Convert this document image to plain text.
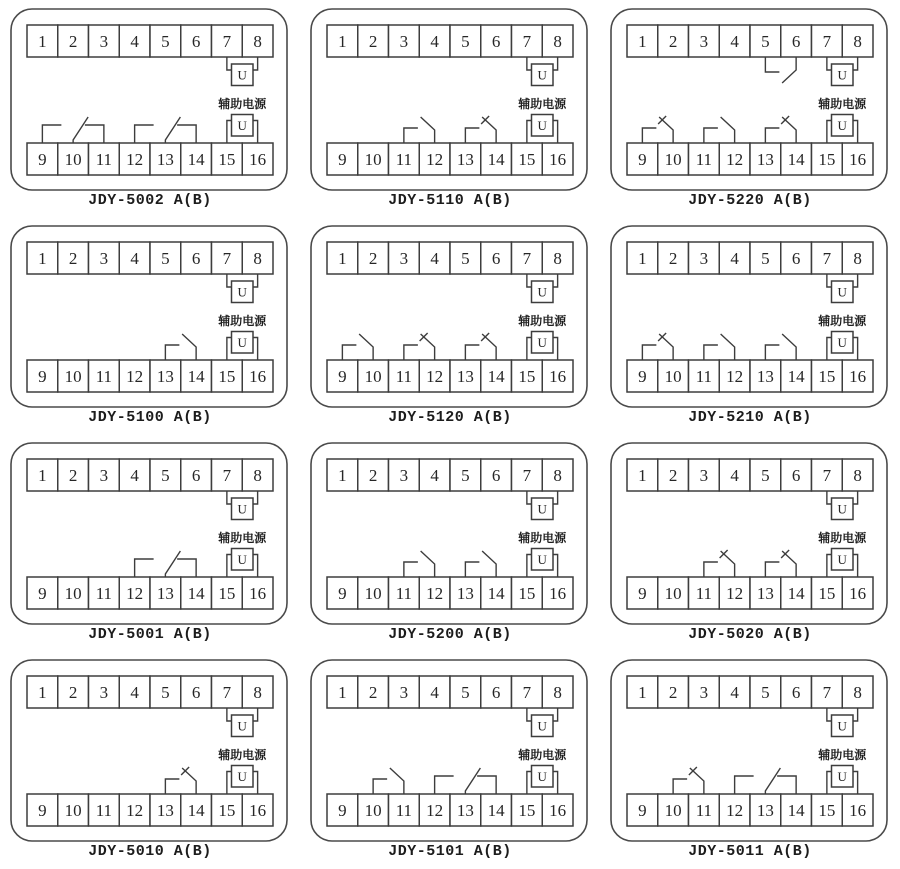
1
9
2
10
3
11
4
12
5
13
6
14
7
15
8
16
U
辅助电源
U
JDY-5002 A(B)
1
9
2
10
3
11
4
12
5
13
6
14
7
15
8
16
U
辅助电源
U
JDY-5110 A(B)
1
9
2
10
3
11
4
12
5
13
6
14
7
15
8
16
U
辅助电源
U
JDY-5220 A(B)
1
9
2
10
3
11
4
12
5
13
6
14
7
15
8
16
U
辅助电源
U
JDY-5100 A(B)
1
9
2
10
3
11
4
12
5
13
6
14
7
15
8
16
U
辅助电源
U
JDY-5120 A(B)
1
9
2
10
3
11
4
12
5
13
6
14
7
15
8
16
U
辅助电源
U
JDY-5210 A(B)
1
9
2
10
3
11
4
12
5
13
6
14
7
15
8
16
U
辅助电源
U
JDY-5001 A(B)
1
9
2
10
3
11
4
12
5
13
6
14
7
15
8
16
U
辅助电源
U
JDY-5200 A(B)
1
9
2
10
3
11
4
12
5
13
6
14
7
15
8
16
U
辅助电源
U
JDY-5020 A(B)
1
9
2
10
3
11
4
12
5
13
6
14
7
15
8
16
U
辅助电源
U
JDY-5010 A(B)
1
9
2
10
3
11
4
12
5
13
6
14
7
15
8
16
U
辅助电源
U
JDY-5101 A(B)
1
9
2
10
3
11
4
12
5
13
6
14
7
15
8
16
U
辅助电源
U
JDY-5011 A(B)
